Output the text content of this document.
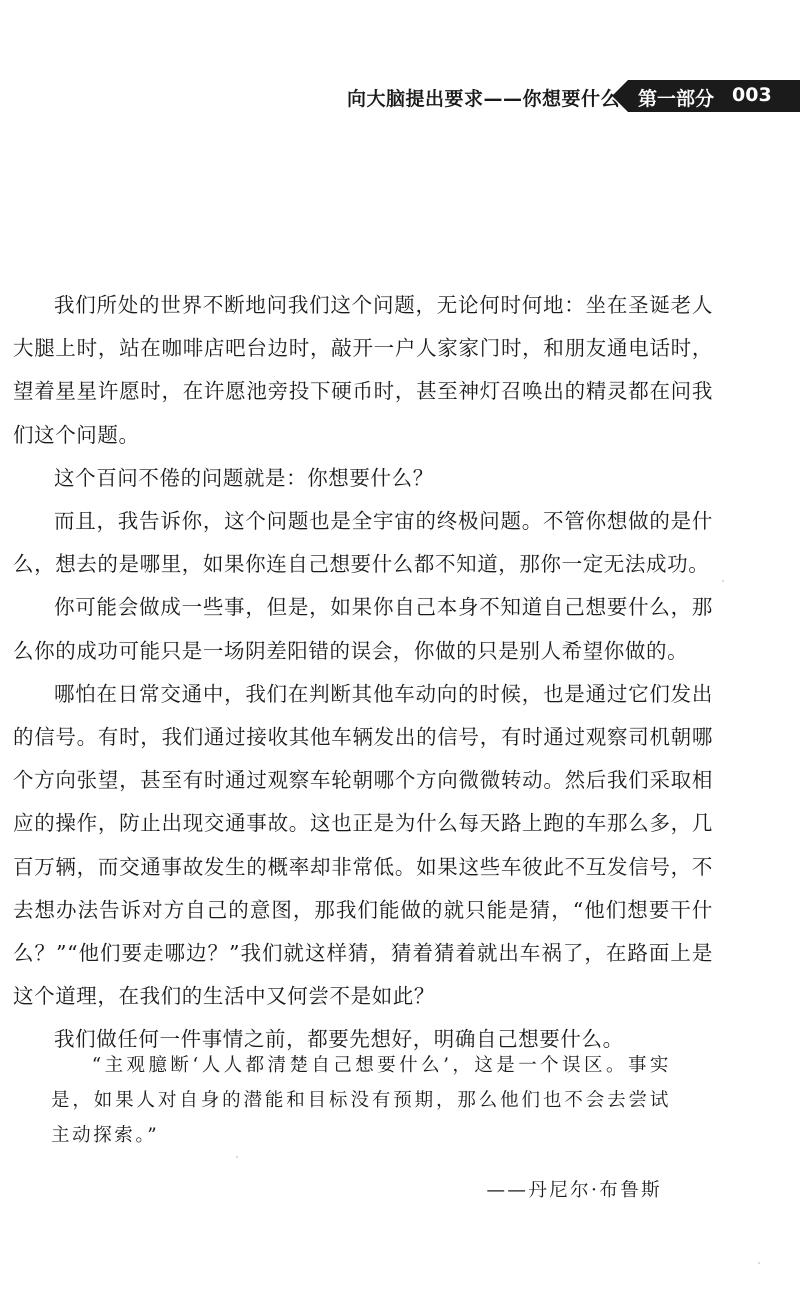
向大脑提出要求——你想要什么 第一部分 003

我们所处的世界不断地问我们这个问题，无论何时何地：坐在圣诞老人大腿上时，站在咖啡店吧台边时，敲开一户人家家门时，和朋友通电话时，望着星星许愿时，在许愿池旁投下硬币时，甚至神灯召唤出的精灵都在问我们这个问题。

这个百问不倦的问题就是：你想要什么？

而且，我告诉你，这个问题也是全宇宙的终极问题。不管你想做的是什么，想去的是哪里，如果你连自己想要什么都不知道，那你一定无法成功。

你可能会做成一些事，但是，如果你自己本身不知道自己想要什么，那么你的成功可能只是一场阴差阳错的误会，你做的只是别人希望你做的。

哪怕在日常交通中，我们在判断其他车动向的时候，也是通过它们发出的信号。有时，我们通过接收其他车辆发出的信号，有时通过观察司机朝哪个方向张望，甚至有时通过观察车轮朝哪个方向微微转动。然后我们采取相应的操作，防止出现交通事故。这也正是为什么每天路上跑的车那么多，几百万辆，而交通事故发生的概率却非常低。如果这些车彼此不互发信号，不去想办法告诉对方自己的意图，那我们能做的就只能是猜，“他们想要干什么？”“他们要走哪边？”我们就这样猜，猜着猜着就出车祸了，在路面上是这个道理，在我们的生活中又何尝不是如此？

我们做任何一件事情之前，都要先想好，明确自己想要什么。

“主观臆断‘人人都清楚自己想要什么’，这是一个误区。事实是，如果人对自身的潜能和目标没有预期，那么他们也不会去尝试主动探索。”

——丹尼尔·布鲁斯
